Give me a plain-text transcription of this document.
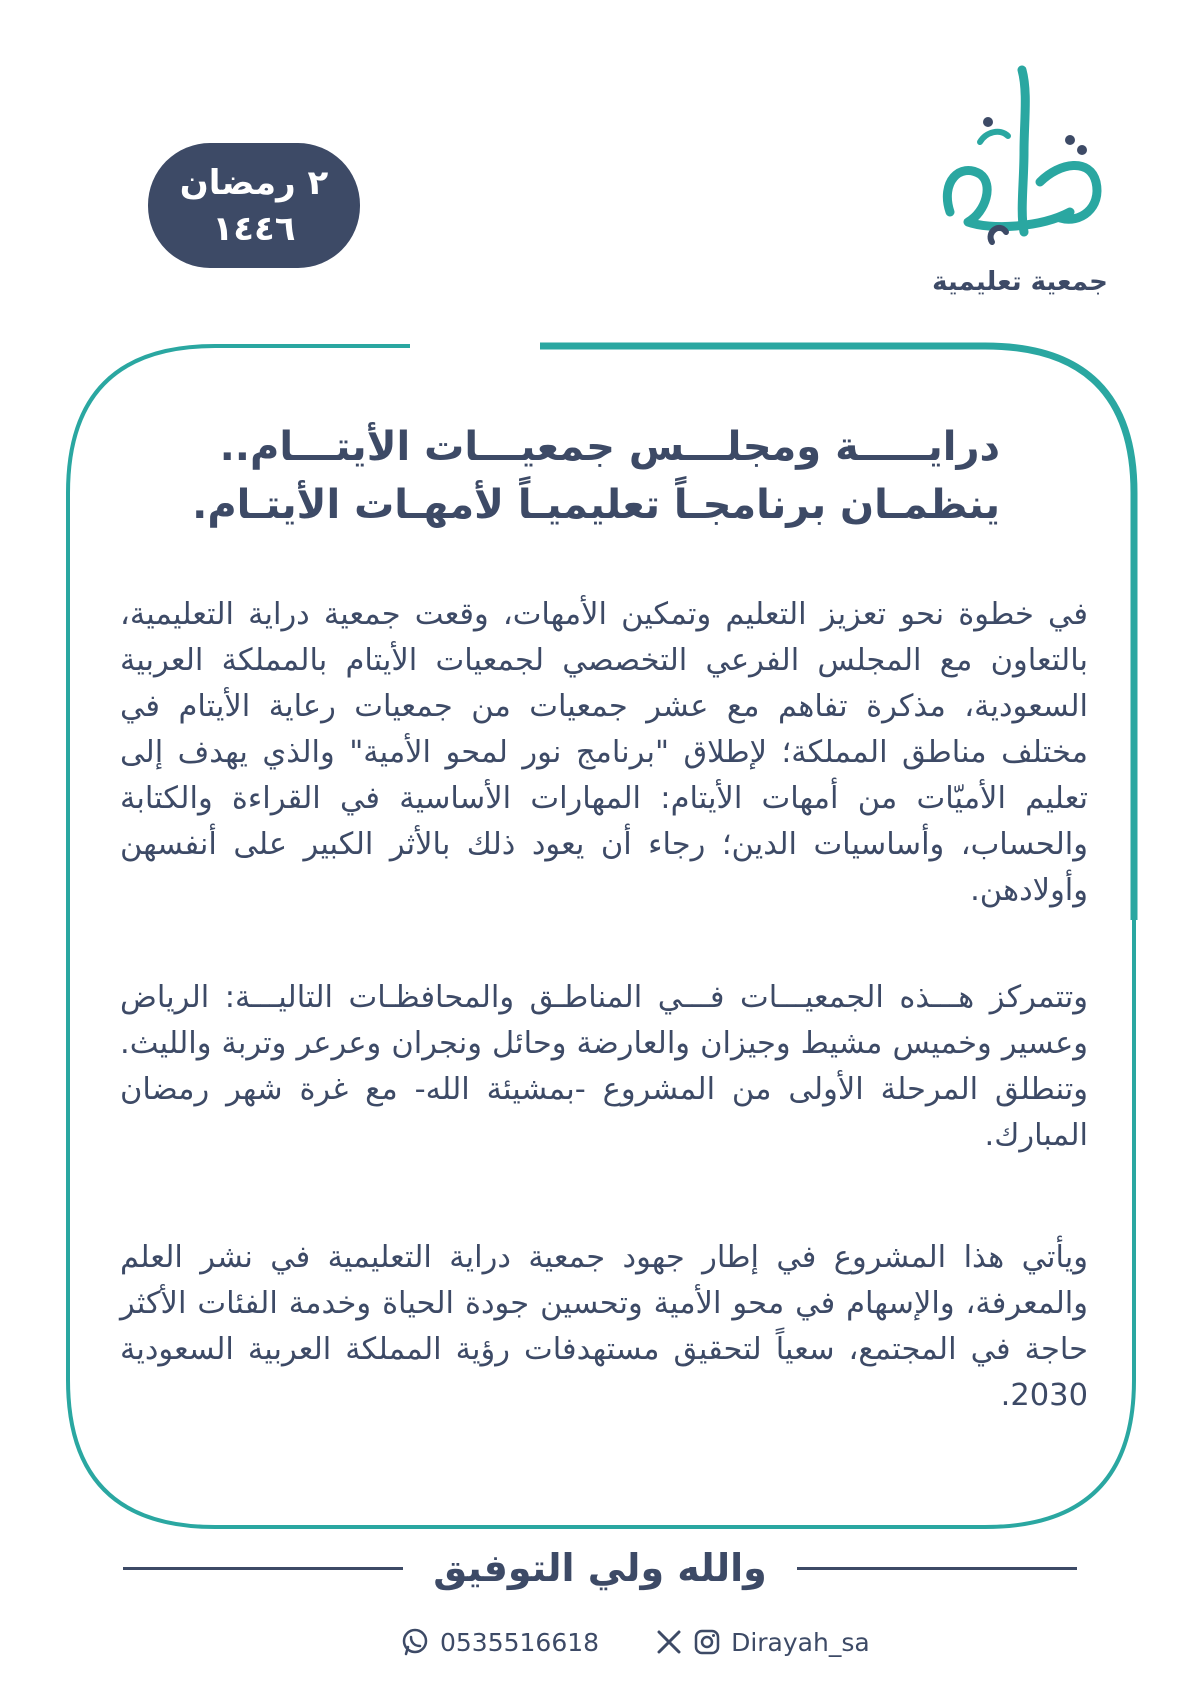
٢ رمضان
١٤٤٦
جمعية تعليمية
دراية
درايـــــة ومجلـــس جمعيـــات الأيتـــام..
ينظمـان برنامجـاً تعليميـاً لأمهـات الأيتـام.
في خطوة نحو تعزيز التعليم وتمكين الأمهات، وقعت جمعية دراية التعليمية، بالتعاون مع المجلس الفرعي التخصصي لجمعيات الأيتام بالمملكة العربية السعودية، مذكرة تفاهم مع عشر جمعيات من جمعيات رعاية الأيتام في مختلف مناطق المملكة؛ لإطلاق "برنامج نور لمحو الأمية" والذي يهدف إلى تعليم الأميّات من أمهات الأيتام: المهارات الأساسية في القراءة والكتابة والحساب، وأساسيات الدين؛ رجاء أن يعود ذلك بالأثر الكبير على أنفسهن وأولادهن.
وتتمركز هـــذه الجمعيـــات فـــي المناطـق والمحافظـات التاليـــة: الرياض وعسير وخميس مشيط وجيزان والعارضة وحائل ونجران وعرعر وتربة والليث. وتنطلق المرحلة الأولى من المشروع -بمشيئة الله- مع غرة شهر رمضان المبارك.
ويأتي هذا المشروع في إطار جهود جمعية دراية التعليمية في نشر العلم والمعرفة، والإسهام في محو الأمية وتحسين جودة الحياة وخدمة الفئات الأكثر حاجة في المجتمع، سعياً لتحقيق مستهدفات رؤية المملكة العربية السعودية 2030.
والله ولي التوفيق
0535516618	Dirayah_sa
